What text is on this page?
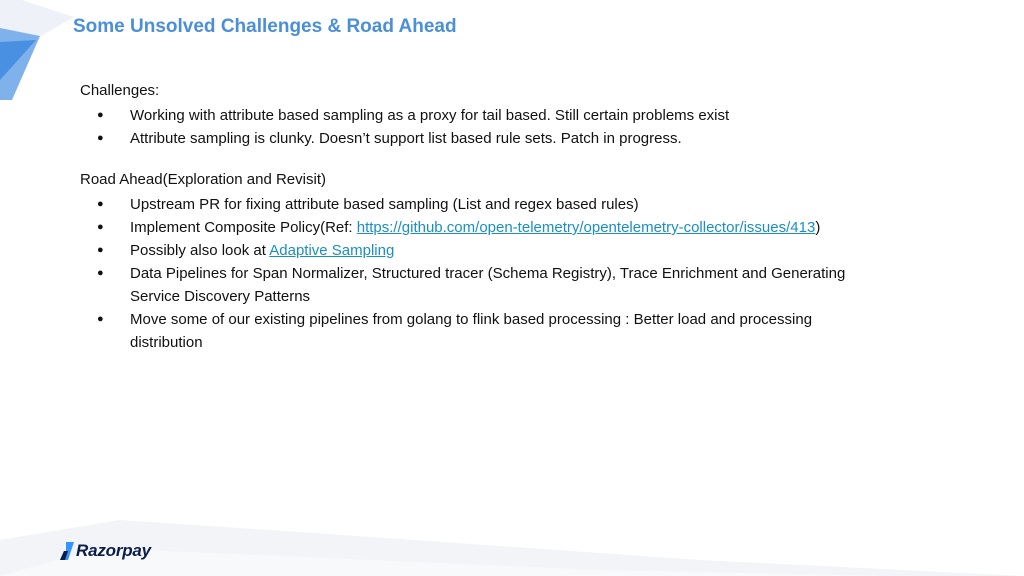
Some Unsolved Challenges & Road Ahead

Challenges:

● Working with attribute based sampling as a proxy for tail based. Still certain problems exist
● Attribute sampling is clunky. Doesn’t support list based rule sets. Patch in progress.

Road Ahead(Exploration and Revisit)

● Upstream PR for fixing attribute based sampling (List and regex based rules)
● Implement Composite Policy(Ref: https://github.com/open-telemetry/opentelemetry-collector/issues/413)
● Possibly also look at Adaptive Sampling
● Data Pipelines for Span Normalizer, Structured tracer (Schema Registry), Trace Enrichment and Generating
Service Discovery Patterns
● Move some of our existing pipelines from golang to flink based processing : Better load and processing
distribution
Razorpay
